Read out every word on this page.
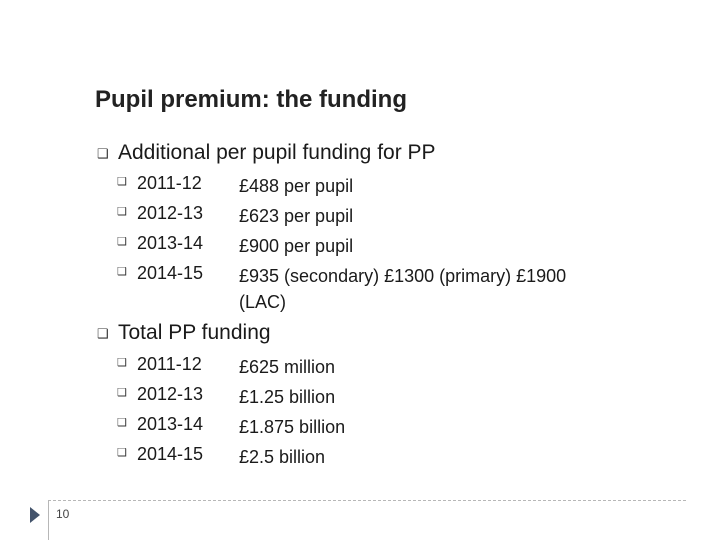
Pupil premium: the funding
❑ Additional per pupil funding for PP
❑ 2011-12	£488 per pupil
❑ 2012-13	£623 per pupil
❑ 2013-14	£900 per pupil
❑ 2014-15	£935 (secondary) £1300 (primary) £1900 (LAC)
❑ Total PP funding
❑ 2011-12	£625 million
❑ 2012-13	£1.25 billion
❑ 2013-14	£1.875 billion
❑ 2014-15	£2.5 billion
10
